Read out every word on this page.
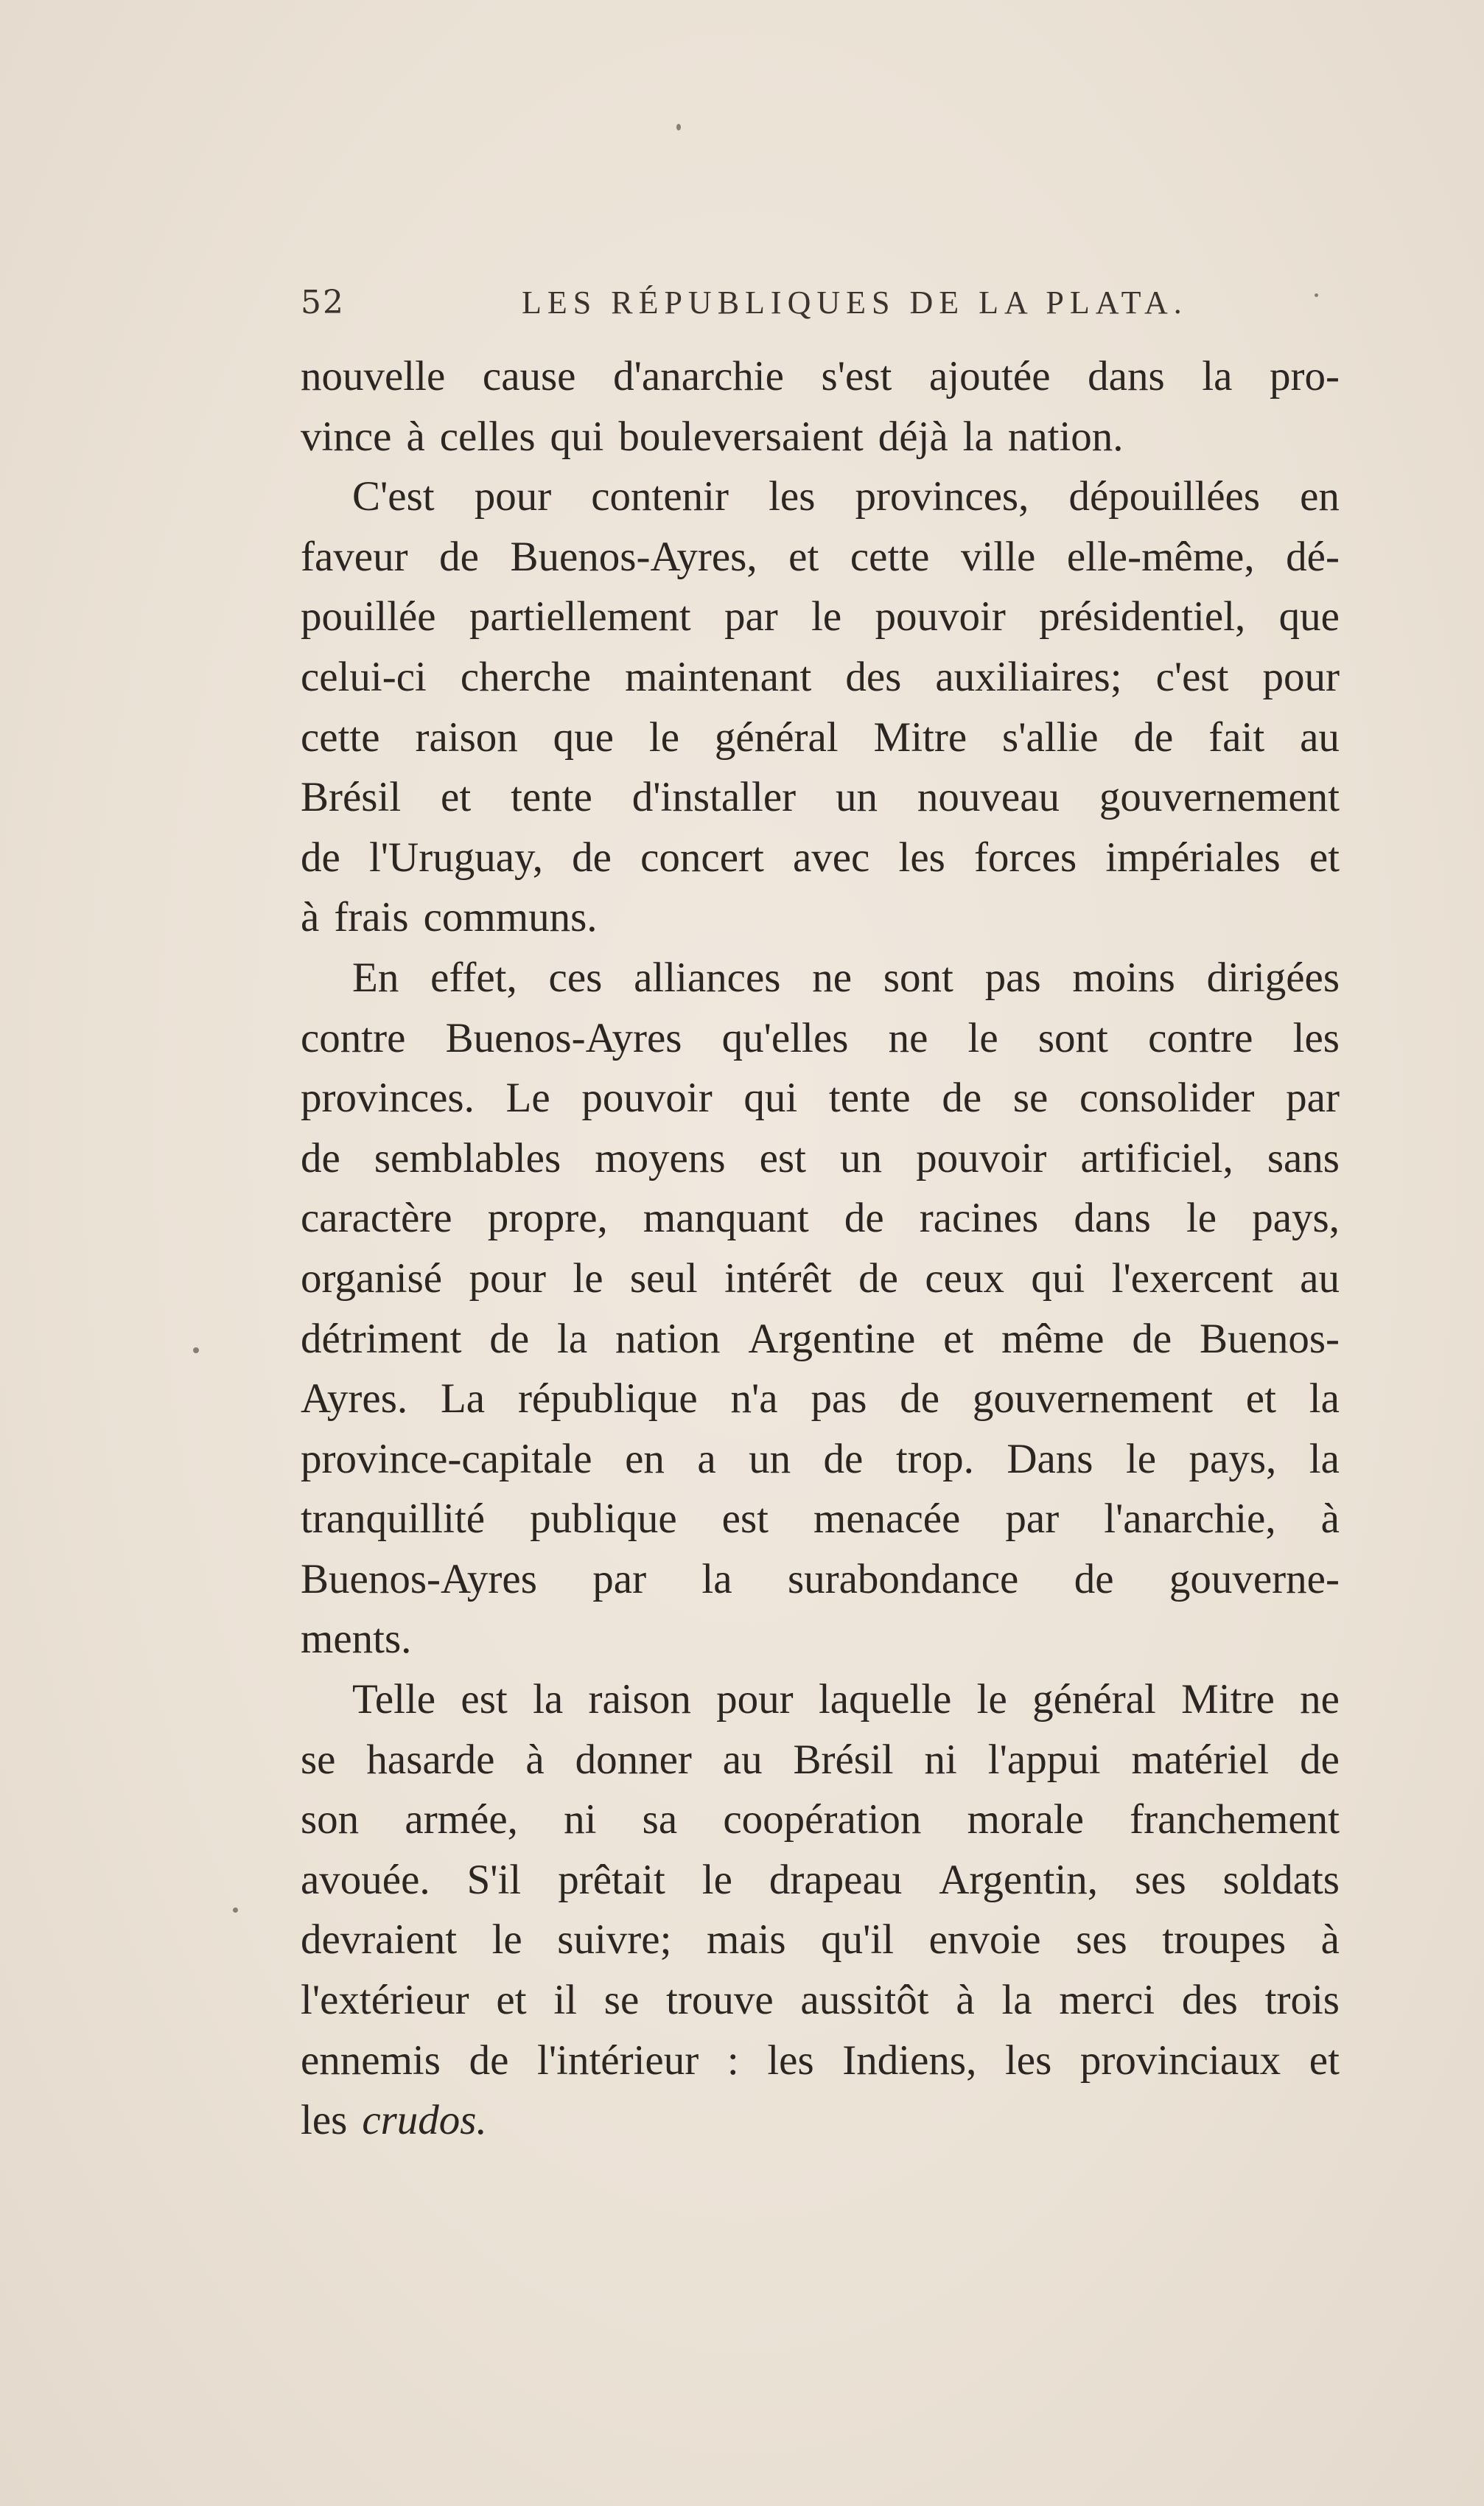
52	LES RÉPUBLIQUES DE LA PLATA.
nouvelle cause d'anarchie s'est ajoutée dans la pro-
vince à celles qui bouleversaient déjà la nation.
C'est pour contenir les provinces, dépouillées en
faveur de Buenos-Ayres, et cette ville elle-même, dé-
pouillée partiellement par le pouvoir présidentiel, que
celui-ci cherche maintenant des auxiliaires; c'est pour
cette raison que le général Mitre s'allie de fait au
Brésil et tente d'installer un nouveau gouvernement
de l'Uruguay, de concert avec les forces impériales et
à frais communs.
En effet, ces alliances ne sont pas moins dirigées
contre Buenos-Ayres qu'elles ne le sont contre les
provinces. Le pouvoir qui tente de se consolider par
de semblables moyens est un pouvoir artificiel, sans
caractère propre, manquant de racines dans le pays,
organisé pour le seul intérêt de ceux qui l'exercent au
détriment de la nation Argentine et même de Buenos-
Ayres. La république n'a pas de gouvernement et la
province-capitale en a un de trop. Dans le pays, la
tranquillité publique est menacée par l'anarchie, à
Buenos-Ayres par la surabondance de gouverne-
ments.
Telle est la raison pour laquelle le général Mitre ne
se hasarde à donner au Brésil ni l'appui matériel de
son armée, ni sa coopération morale franchement
avouée. S'il prêtait le drapeau Argentin, ses soldats
devraient le suivre; mais qu'il envoie ses troupes à
l'extérieur et il se trouve aussitôt à la merci des trois
ennemis de l'intérieur : les Indiens, les provinciaux et
les crudos.
